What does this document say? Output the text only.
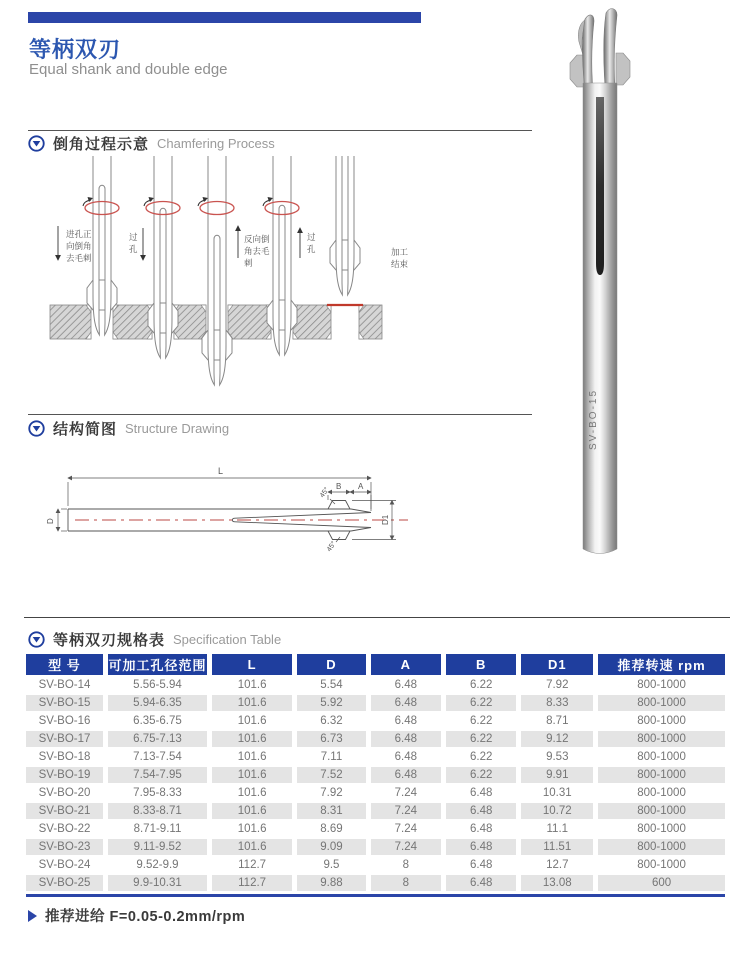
等柄双刃
Equal shank and double edge
倒角过程示意 Chamfering Process
进孔正
向倒角
去毛刺
过
孔
反向倒
角去毛
刺
过
孔	加工
结束
结构简图 Structure Drawing
L
B A
D	D1
45°
45°
SV-BO-15
等柄双刃规格表 Specification Table
型 号	可加工孔径范围	L	D	A	B	D1	推荐转速 rpm
SV-BO-14	5.56-5.94	101.6	5.54	6.48	6.22	7.92	800-1000
SV-BO-15	5.94-6.35	101.6	5.92	6.48	6.22	8.33	800-1000
SV-BO-16	6.35-6.75	101.6	6.32	6.48	6.22	8.71	800-1000
SV-BO-17	6.75-7.13	101.6	6.73	6.48	6.22	9.12	800-1000
SV-BO-18	7.13-7.54	101.6	7.11	6.48	6.22	9.53	800-1000
SV-BO-19	7.54-7.95	101.6	7.52	6.48	6.22	9.91	800-1000
SV-BO-20	7.95-8.33	101.6	7.92	7.24	6.48	10.31	800-1000
SV-BO-21	8.33-8.71	101.6	8.31	7.24	6.48	10.72	800-1000
SV-BO-22	8.71-9.11	101.6	8.69	7.24	6.48	11.1	800-1000
SV-BO-23	9.11-9.52	101.6	9.09	7.24	6.48	11.51	800-1000
SV-BO-24	9.52-9.9	112.7	9.5	8	6.48	12.7	800-1000
SV-BO-25	9.9-10.31	112.7	9.88	8	6.48	13.08	600
推荐进给 F=0.05-0.2mm/rpm
